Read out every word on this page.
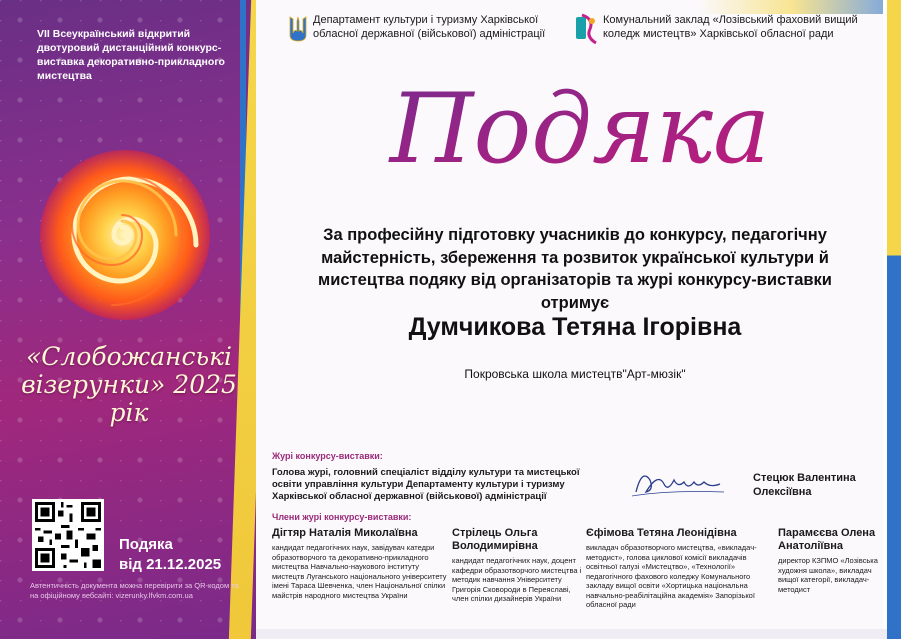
VII Всеукраїнський відкритий двотуровий дистанційний конкурс-виставка декоративно-прикладного мистецтва
«Слобожанські візерунки» 2025 рік
Подяка
від 21.12.2025
Автентичність документа можна перевірити за QR-кодом та на офіційному вебсайті: vizerunky.lfvkm.com.ua
Департамент культури і туризму Харківської обласної державної (військової) адміністрації
Комунальний заклад «Лозівський фаховий вищий коледж мистецтв» Харківської обласної ради
Подяка
За професійну підготовку учасників до конкурсу, педагогічну майстерність, збереження та розвиток української культури й мистецтва подяку від організаторів та журі конкурсу-виставки отримує
Думчикова Тетяна Ігорівна
Покровська школа мистецтв"Арт-мюзік"
Журі конкурсу-виставки:
Голова журі, головний спеціаліст відділу культури та мистецької освіти управління культури Департаменту культури і туризму Харківської обласної державної (військової) адміністрації
Стецюк Валентина Олексіївна
Члени журі конкурсу-виставки:
Дігтяр Наталія Миколаївна
кандидат педагогічних наук, завідувач катедри образотворчого та декоративно-прикладного мистецтва Навчально-наукового інституту мистецтв Луганського національного університету імені Тараса Шевченка, член Національної спілки майстрів народного мистецтва України
Стрілець Ольга Володимирівна
кандидат педагогічних наук, доцент кафедри образотворчого мистецтва і методик навчання Університету Григорія Сковороди в Переяславі, член спілки дизайнерів України
Єфімова Тетяна Леонідівна
викладач образотворчого мистецтва, «викладач-методист», голова циклової комісії викладачів освітньої галузі «Мистецтво», «Технології» педагогічного фахового коледжу Комунального закладу вищої освіти «Хортицька національна навчально-реабілітаційна академія» Запорізької обласної ради
Парамєєва Олена Анатоліївна
директор КЗПМО «Лозівська художня школа», викладач вищої категорії, викладач-методист
